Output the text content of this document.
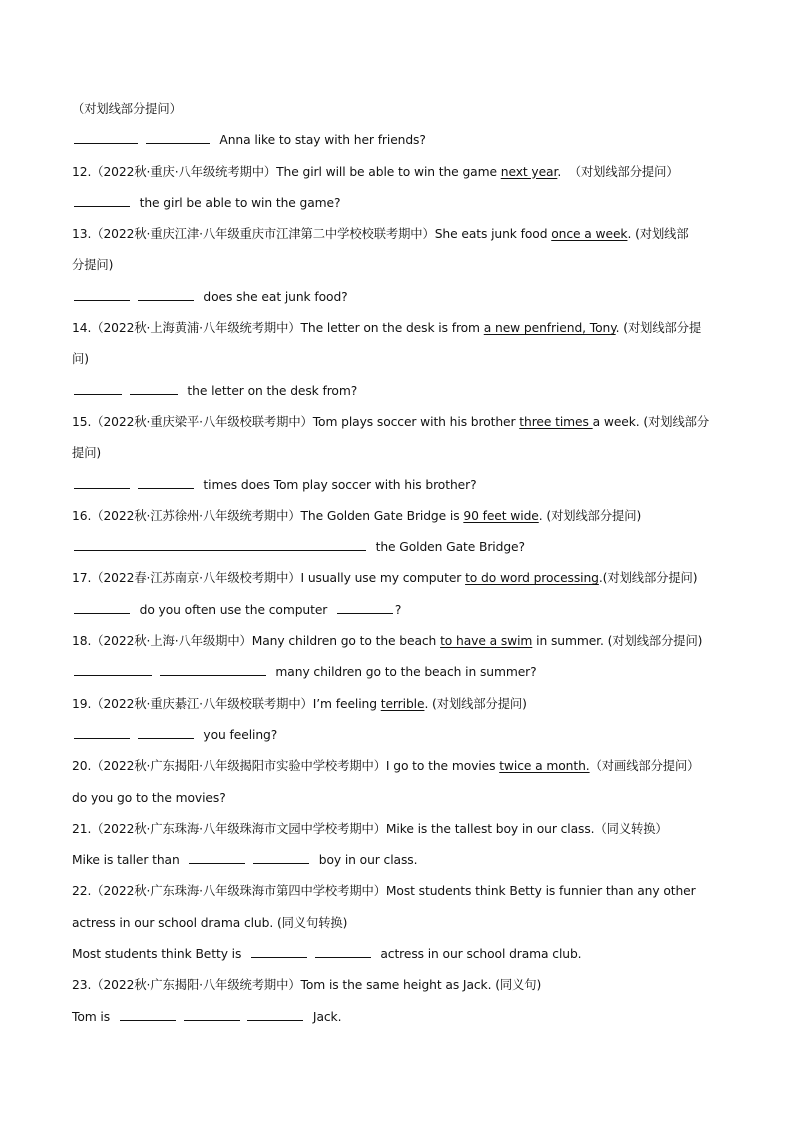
（对划线部分提问）
Anna like to stay with her friends?
12.（2022秋·重庆·八年级统考期中）The girl will be able to win the game next year.  （对划线部分提问）
the girl be able to win the game?
13.（2022秋·重庆江津·八年级重庆市江津第二中学校校联考期中）She eats junk food once a week. (对划线部
分提问)
does she eat junk food?
14.（2022秋·上海黄浦·八年级统考期中）The letter on the desk is from a new penfriend, Tony. (对划线部分提
问)
the letter on the desk from?
15.（2022秋·重庆梁平·八年级校联考期中）Tom plays soccer with his brother three times a week. (对划线部分
提问)
times does Tom play soccer with his brother?
16.（2022秋·江苏徐州·八年级统考期中）The Golden Gate Bridge is 90 feet wide. (对划线部分提问)
the Golden Gate Bridge?
17.（2022春·江苏南京·八年级校考期中）I usually use my computer to do word processing.(对划线部分提问)
do you often use the computer	?
18.（2022秋·上海·八年级期中）Many children go to the beach to have a swim in summer. (对划线部分提问)
many children go to the beach in summer?
19.（2022秋·重庆綦江·八年级校联考期中）I’m feeling terrible. (对划线部分提问)
you feeling?
20.（2022秋·广东揭阳·八年级揭阳市实验中学校考期中）I go to the movies twice a month.（对画线部分提问）
do you go to the movies?
21.（2022秋·广东珠海·八年级珠海市文园中学校考期中）Mike is the tallest boy in our class.（同义转换）
Mike is taller than	boy in our class.
22.（2022秋·广东珠海·八年级珠海市第四中学校考期中）Most students think Betty is funnier than any other
actress in our school drama club. (同义句转换)
Most students think Betty is	actress in our school drama club.
23.（2022秋·广东揭阳·八年级统考期中）Tom is the same height as Jack. (同义句)
Tom is	Jack.
